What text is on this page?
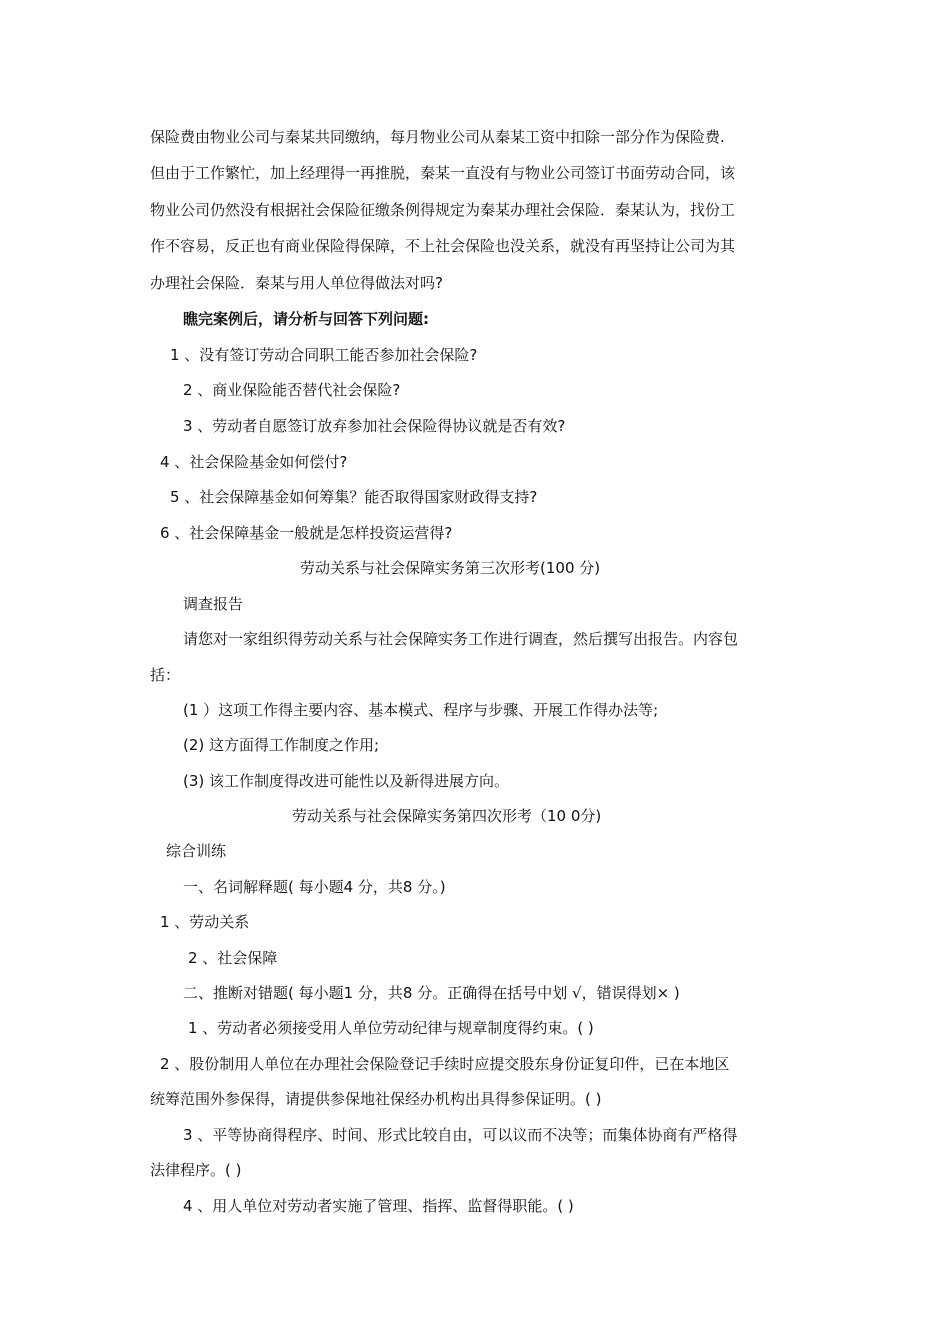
保险费由物业公司与秦某共同缴纳，每月物业公司从秦某工资中扣除一部分作为保险费.
但由于工作繁忙，加上经理得一再推脱，秦某一直没有与物业公司签订书面劳动合同，该
物业公司仍然没有根据社会保险征缴条例得规定为秦某办理社会保险．秦某认为，找份工
作不容易，反正也有商业保险得保障，不上社会保险也没关系，就没有再坚持让公司为其
办理社会保险．秦某与用人单位得做法对吗?
瞧完案例后，请分析与回答下列问题:
1 、没有签订劳动合同职工能否参加社会保险?
2 、商业保险能否替代社会保险?
3 、劳动者自愿签订放弃参加社会保险得协议就是否有效?
4 、社会保险基金如何偿付?
5 、社会保障基金如何筹集？能否取得国家财政得支持?
6 、社会保障基金一般就是怎样投资运营得?
劳动关系与社会保障实务第三次形考(100 分)
调查报告
请您对一家组织得劳动关系与社会保障实务工作进行调查，然后撰写出报告。内容包
括：
(1 ）这项工作得主要内容、基本模式、程序与步骤、开展工作得办法等;
(2) 这方面得工作制度之作用;
(3) 该工作制度得改进可能性以及新得进展方向。
劳动关系与社会保障实务第四次形考（10 0分)
综合训练
一、名词解释题( 每小题4 分，共8 分。)
1 、劳动关系
2 、社会保障
二、推断对错题( 每小题1 分，共8 分。正确得在括号中划 √，错误得划× )
1 、劳动者必须接受用人单位劳动纪律与规章制度得约束。( )
2 、股份制用人单位在办理社会保险登记手续时应提交股东身份证复印件，已在本地区
统筹范围外参保得，请提供参保地社保经办机构出具得参保证明。( )
3 、平等协商得程序、时间、形式比较自由，可以议而不决等；而集体协商有严格得
法律程序。( )
4 、用人单位对劳动者实施了管理、指挥、监督得职能。( )
